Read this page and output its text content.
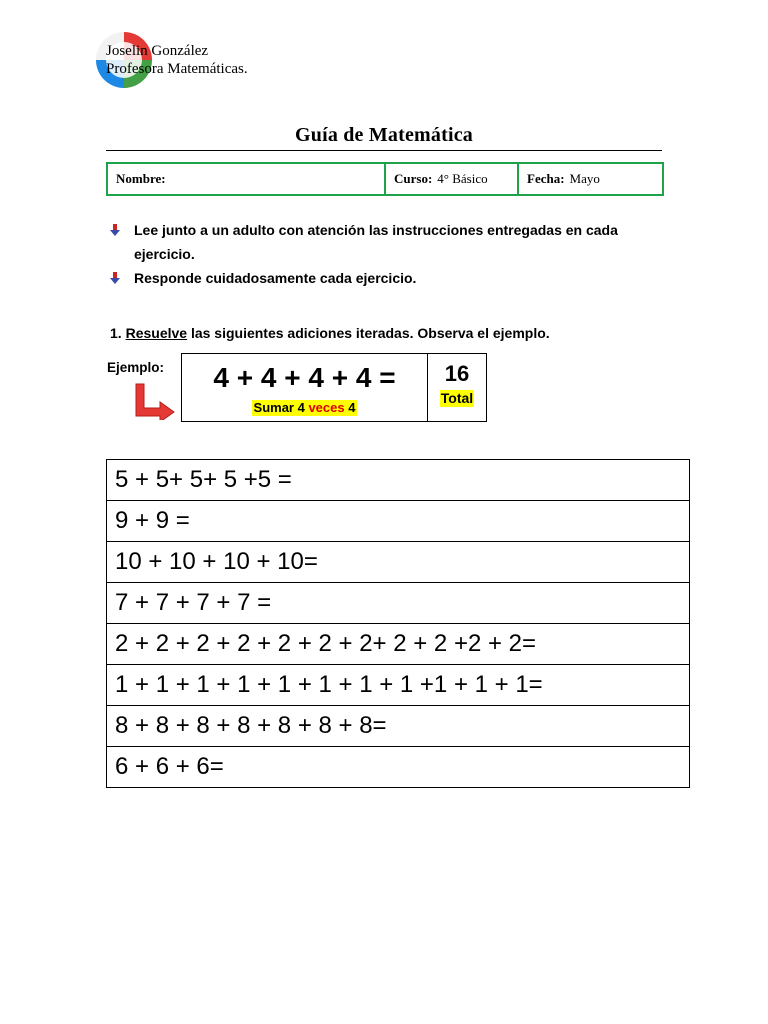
Joselin González
Profesora Matemáticas.
Guía de Matemática
Nombre:	Curso: 4° Básico	Fecha: Mayo
Lee junto a un adulto con atención las instrucciones entregadas en cada ejercicio.
Responde cuidadosamente cada ejercicio.
1. Resuelve las siguientes adiciones iteradas. Observa el ejemplo.
Ejemplo: 4 + 4 + 4 + 4 =
Sumar 4 veces 4
16
Total
5 + 5+ 5+ 5 +5 =
9 + 9 =
10 + 10 + 10 + 10=
7 + 7 + 7 + 7 =
2 + 2 + 2 + 2 + 2 + 2 + 2+ 2 + 2 +2 + 2=
1 + 1 + 1 + 1 + 1 + 1 + 1 + 1 +1 + 1 + 1=
8 + 8 + 8 + 8 + 8 + 8 + 8=
6 + 6 + 6=
